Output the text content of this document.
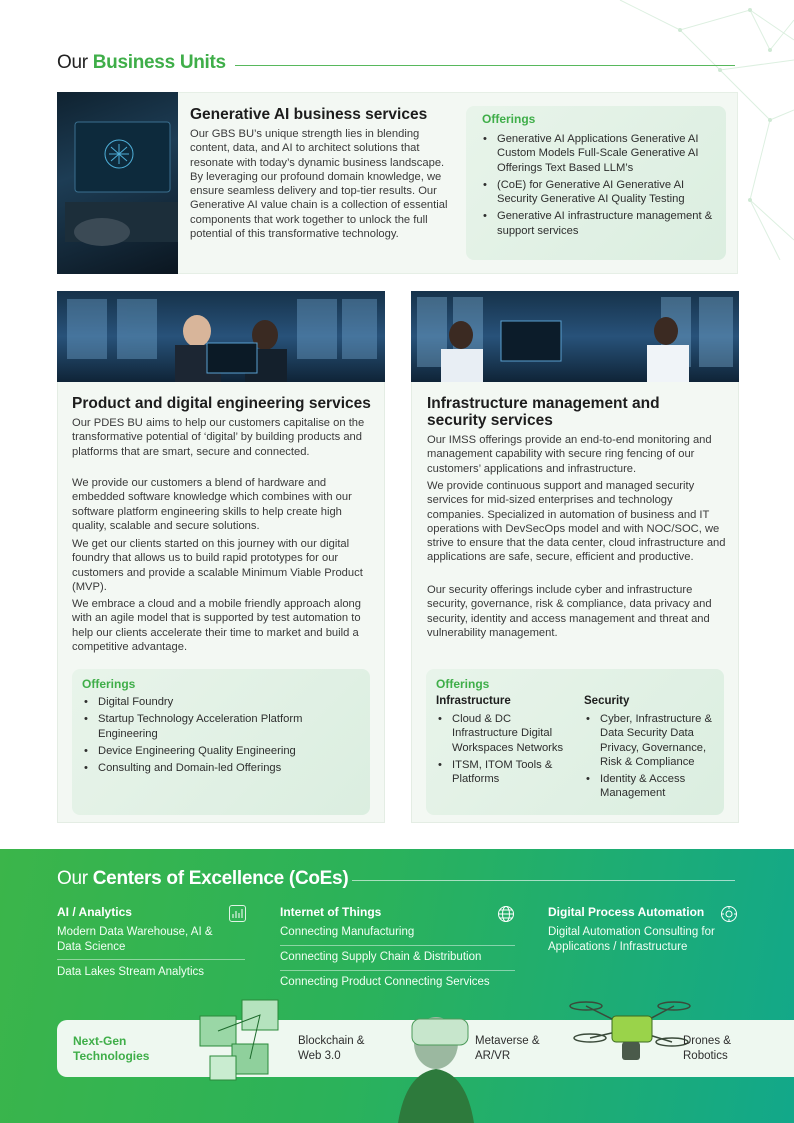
Our Business Units
Generative AI business services
Our GBS BU’s unique strength lies in blending content, data, and AI to architect solutions that resonate with today’s dynamic business landscape. By leveraging our profound domain knowledge, we ensure seamless delivery and top-tier results. Our Generative AI value chain is a collection of essential components that work together to unlock the full potential of this transformative technology.
Offerings
• Generative AI Applications Generative AI Custom Models Full-Scale Generative AI Offerings Text Based LLM’s
• (CoE) for Generative AI Generative AI Security Generative AI Quality Testing
• Generative AI infrastructure management & support services
Product and digital engineering services
Our PDES BU aims to help our customers capitalise on the transformative potential of ‘digital’ by building products and platforms that are smart, secure and connected.
We provide our customers a blend of hardware and embedded software knowledge which combines with our software platform engineering skills to help create high quality, scalable and secure solutions.
We get our clients started on this journey with our digital foundry that allows us to build rapid prototypes for our customers and provide a scalable Minimum Viable Product (MVP).
We embrace a cloud and a mobile friendly approach along with an agile model that is supported by test automation to help our clients accelerate their time to market and build a competitive advantage.
Offerings
• Digital Foundry
• Startup Technology Acceleration Platform Engineering
• Device Engineering Quality Engineering
• Consulting and Domain-led Offerings
Infrastructure management and security services
Our IMSS offerings provide an end-to-end monitoring and management capability with secure ring fencing of our customers’ applications and infrastructure.
We provide continuous support and managed security services for mid-sized enterprises and technology companies. Specialized in automation of business and IT operations with DevSecOps model and with NOC/SOC, we strive to ensure that the data center, cloud infrastructure and applications are safe, secure, efficient and productive.
Our security offerings include cyber and infrastructure security, governance, risk & compliance, data privacy and security, identity and access management and threat and vulnerability management.
Offerings
Infrastructure
• Cloud & DC Infrastructure Digital Workspaces Networks
• ITSM, ITOM Tools & Platforms
Security
• Cyber, Infrastructure & Data Security Data Privacy, Governance, Risk & Compliance
• Identity & Access Management
Our Centers of Excellence (CoEs)
AI / Analytics
Modern Data Warehouse, AI & Data Science
Data Lakes Stream Analytics
Internet of Things
Connecting Manufacturing
Connecting Supply Chain & Distribution
Connecting Product Connecting Services
Digital Process Automation
Digital Automation Consulting for Applications / Infrastructure
Next-Gen Technologies
Blockchain & Web 3.0
Metaverse & AR/VR
Drones & Robotics
